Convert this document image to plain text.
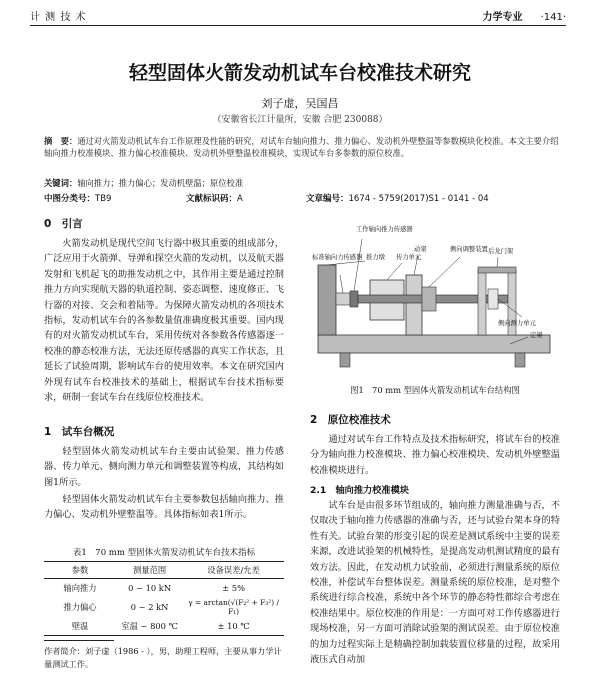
计 测 技 术	力学专业 ·141·
轻型固体火箭发动机试车台校准技术研究
刘子虚，吴国昌
（安徽省长江计量所，安徽 合肥 230088）
摘　要：通过对火箭发动机试车台工作原理及性能的研究，对试车台轴向推力、推力偏心、发动机外壁整温等参数模块化校准。本文主要介绍轴向推力校准模块、推力偏心校准模块、发动机外壁整温校准模块，实现试车台多参数的原位校准。
关键词：轴向推力；推力偏心；发动机壁温；原位校准
中图分类号：TB9	文献标识码：A	文章编号：1674 - 5759(2017)S1 - 0141 - 04
0　引言
火箭发动机是现代空间飞行器中极其重要的组成部分，广泛应用于火箭弹、导弹和探空火箭的发动机，以及航天器发射和飞机起飞的助推发动机之中，其作用主要是通过控制推力方向实现航天器的轨道控制、姿态调整、速度修正、飞行器的对接、交会和着陆等。为保障火箭发动机的各项技术指标，发动机试车台的各参数量值准确度极其重要。国内现有的对火箭发动机试车台，采用传统对各参数各传感器逐一校准的静态校准方法，无法还原传感器的真实工作状态，且延长了试验周期，影响试车台的使用效率。本文在研究国内外现有试车台校准技术的基础上，根据试车台技术指标要求，研制一套试车台在线原位校准技术。
1　试车台概况
轻型固体火箭发动机试车台主要由试验架、推力传感器、传力单元、侧向测力单元和调整装置等构成，其结构如图1所示。
轻型固体火箭发动机试车台主要参数包括轴向推力、推力偏心、发动机外壁整温等。具体指标如表1所示。
表1　70 mm 型固体火箭发动机试车台技术指标
参数	测量范围	设备误差/允差
轴向推力	0 ~ 10 kN	± 5%
推力偏心	0 ~ 2 kN	γ = arctan(√(F₂² + F₃²) / F₁)
壁温	室温 ~ 800 ℃	± 10 ℃
作者简介：刘子虚（1986 - ），男，助理工程师，主要从事力学计量测试工作。
工作轴向推力传感器
标准轴向力传感器 推力墩 传力单元
动架	侧向调整装置 后龙门架
侧向测力单元
定架
图1　70 mm 型固体火箭发动机试车台结构图
2　原位校准技术
通过对试车台工作特点及技术指标研究，将试车台的校准分为轴向推力校准模块、推力偏心校准模块、发动机外壁整温校准模块进行。
2.1　轴向推力校准模块
试车台是由很多环节组成的，轴向推力测量准确与否，不仅取决于轴向推力传感器的准确与否，还与试验台架本身的特性有关。试验台架的形变引起的误差是测试系统中主要的误差来源，改进试验架的机械特性，是提高发动机测试精度的最有效方法。因此，在发动机力试验前，必须进行测量系统的原位校准，补偿试车台整体误差。测量系统的原位校准，是对整个系统进行综合校准，系统中各个环节的静态特性都综合考虑在校准结果中。原位校准的作用是：一方面可对工作传感器进行现场校准，另一方面可消除试验架的测试误差。由于原位校准的加力过程实际上是精确控制加载装置位移量的过程，故采用液压式自动加
